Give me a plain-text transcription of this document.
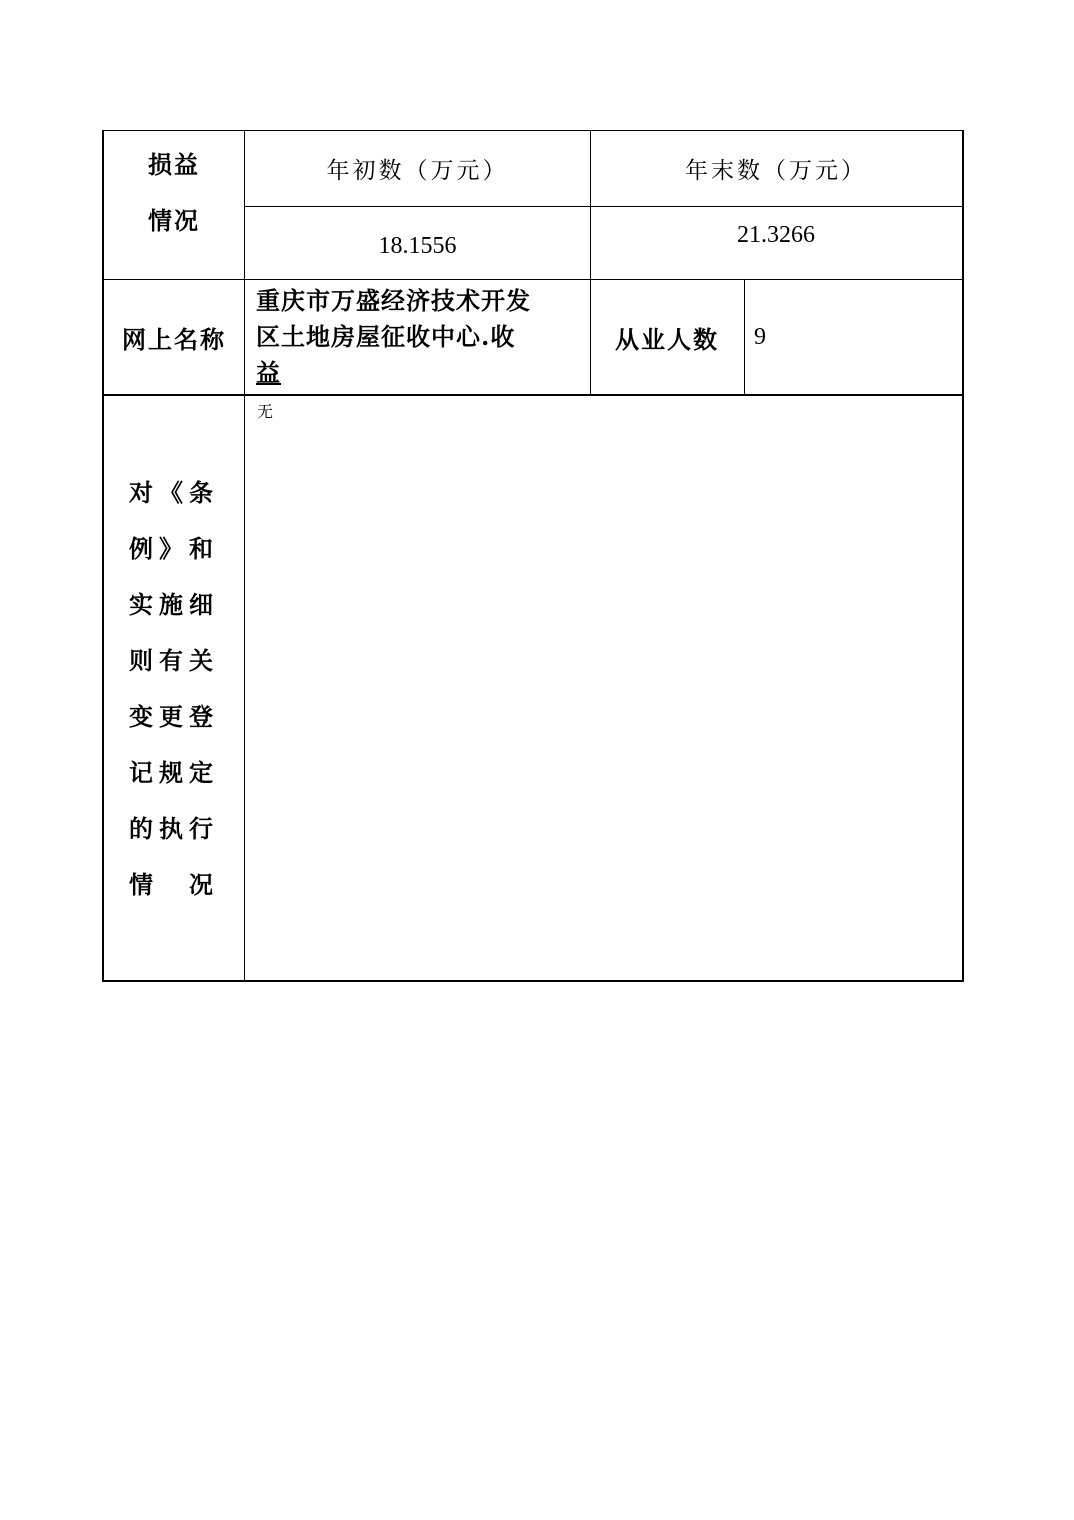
损益
情况
年初数（万元）	年末数（万元）
18.1556	21.3266
网上名称
重庆市万盛经济技术开发
区土地房屋征收中心.收
益
从业人数 9
对《条
例》和
实施细
则有关
变更登
记规定
的执行
情　况
无
